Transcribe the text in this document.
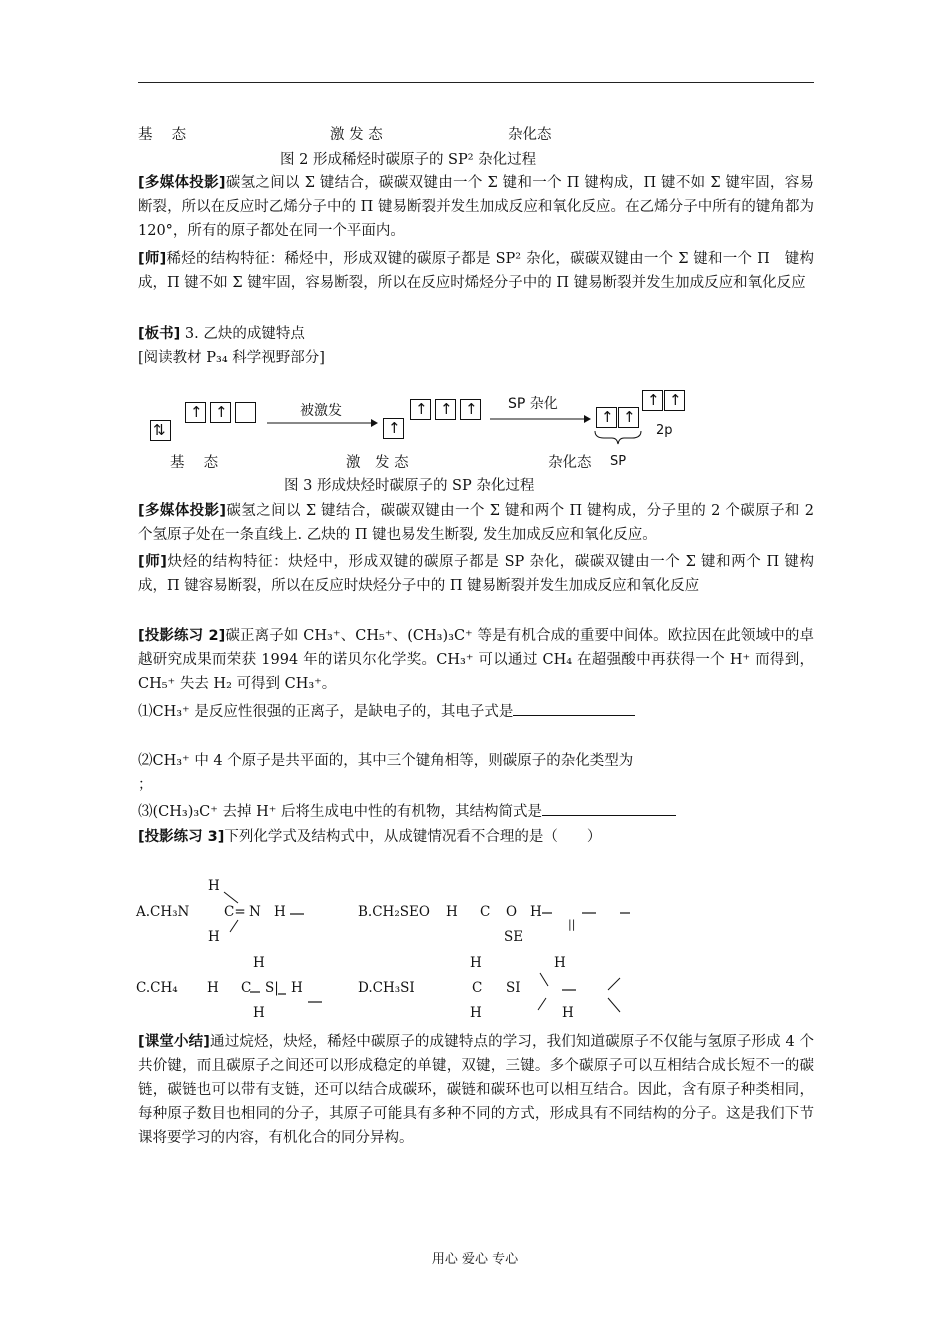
基　 态	激 发 态	杂化态
图 2 形成稀烃时碳原子的 SP² 杂化过程
[多媒体投影]碳氢之间以 Σ 键结合，碳碳双键由一个 Σ 键和一个 Π 键构成，Π 键不如 Σ 键牢固，容易断裂，所以在反应时乙烯分子中的 Π 键易断裂并发生加成反应和氧化反应。在乙烯分子中所有的键角都为 120°，所有的原子都处在同一个平面内。
[师]稀烃的结构特征：稀烃中，形成双键的碳原子都是 SP² 杂化，碳碳双键由一个 Σ 键和一个 Π　键构成，Π 键不如 Σ 键牢固，容易断裂，所以在反应时烯烃分子中的 Π 键易断裂并发生加成反应和氧化反应
[板书] 3. 乙炔的成键特点
[阅读教材 P₃₄ 科学视野部分]
⇅
↑ ↑	被激发
↑
↑ ↑ ↑ SP 杂化
↑ ↑
↑ ↑
SP
2p
基　 态	激　发 态	杂化态
图 3 形成炔烃时碳原子的 SP 杂化过程
[多媒体投影]碳氢之间以 Σ 键结合，碳碳双键由一个 Σ 键和两个 Π 键构成，分子里的 2 个碳原子和 2 个氢原子处在一条直线上. 乙炔的 Π 键也易发生断裂, 发生加成反应和氧化反应。
[师]炔烃的结构特征：炔烃中，形成双键的碳原子都是 SP 杂化，碳碳双键由一个 Σ 键和两个 Π 键构成，Π 键容易断裂，所以在反应时炔烃分子中的 Π 键易断裂并发生加成反应和氧化反应
[投影练习 2]碳正离子如 CH₃⁺、CH₅⁺、(CH₃)₃C⁺ 等是有机合成的重要中间体。欧拉因在此领域中的卓越研究成果而荣获 1994 年的诺贝尔化学奖。CH₃⁺ 可以通过 CH₄ 在超强酸中再获得一个 H⁺ 而得到，CH₅⁺ 失去 H₂ 可得到 CH₃⁺。
⑴CH₃⁺ 是反应性很强的正离子，是缺电子的，其电子式是
⑵CH₃⁺ 中 4 个原子是共平面的，其中三个键角相等，则碳原子的杂化类型为
；
⑶(CH₃)₃C⁺ 去掉 H⁺ 后将生成电中性的有机物，其结构简式是
[投影练习 3]下列化学式及结构式中，从成键情况看不合理的是（　　）
H
A.CH₃N	C= N H
H
B.CH₂SEO H C O H
SE
||
H
C.CH₄ H C S| H
H
H	H
D.CH₃SI	C SI
H	H
[课堂小结]通过烷烃，炔烃，稀烃中碳原子的成键特点的学习，我们知道碳原子不仅能与氢原子形成 4 个共价键，而且碳原子之间还可以形成稳定的单键，双键，三键。多个碳原子可以互相结合成长短不一的碳链，碳链也可以带有支链，还可以结合成碳环，碳链和碳环也可以相互结合。因此，含有原子种类相同，每种原子数目也相同的分子，其原子可能具有多种不同的方式，形成具有不同结构的分子。这是我们下节课将要学习的内容，有机化合的同分异构。
用心 爱心 专心
